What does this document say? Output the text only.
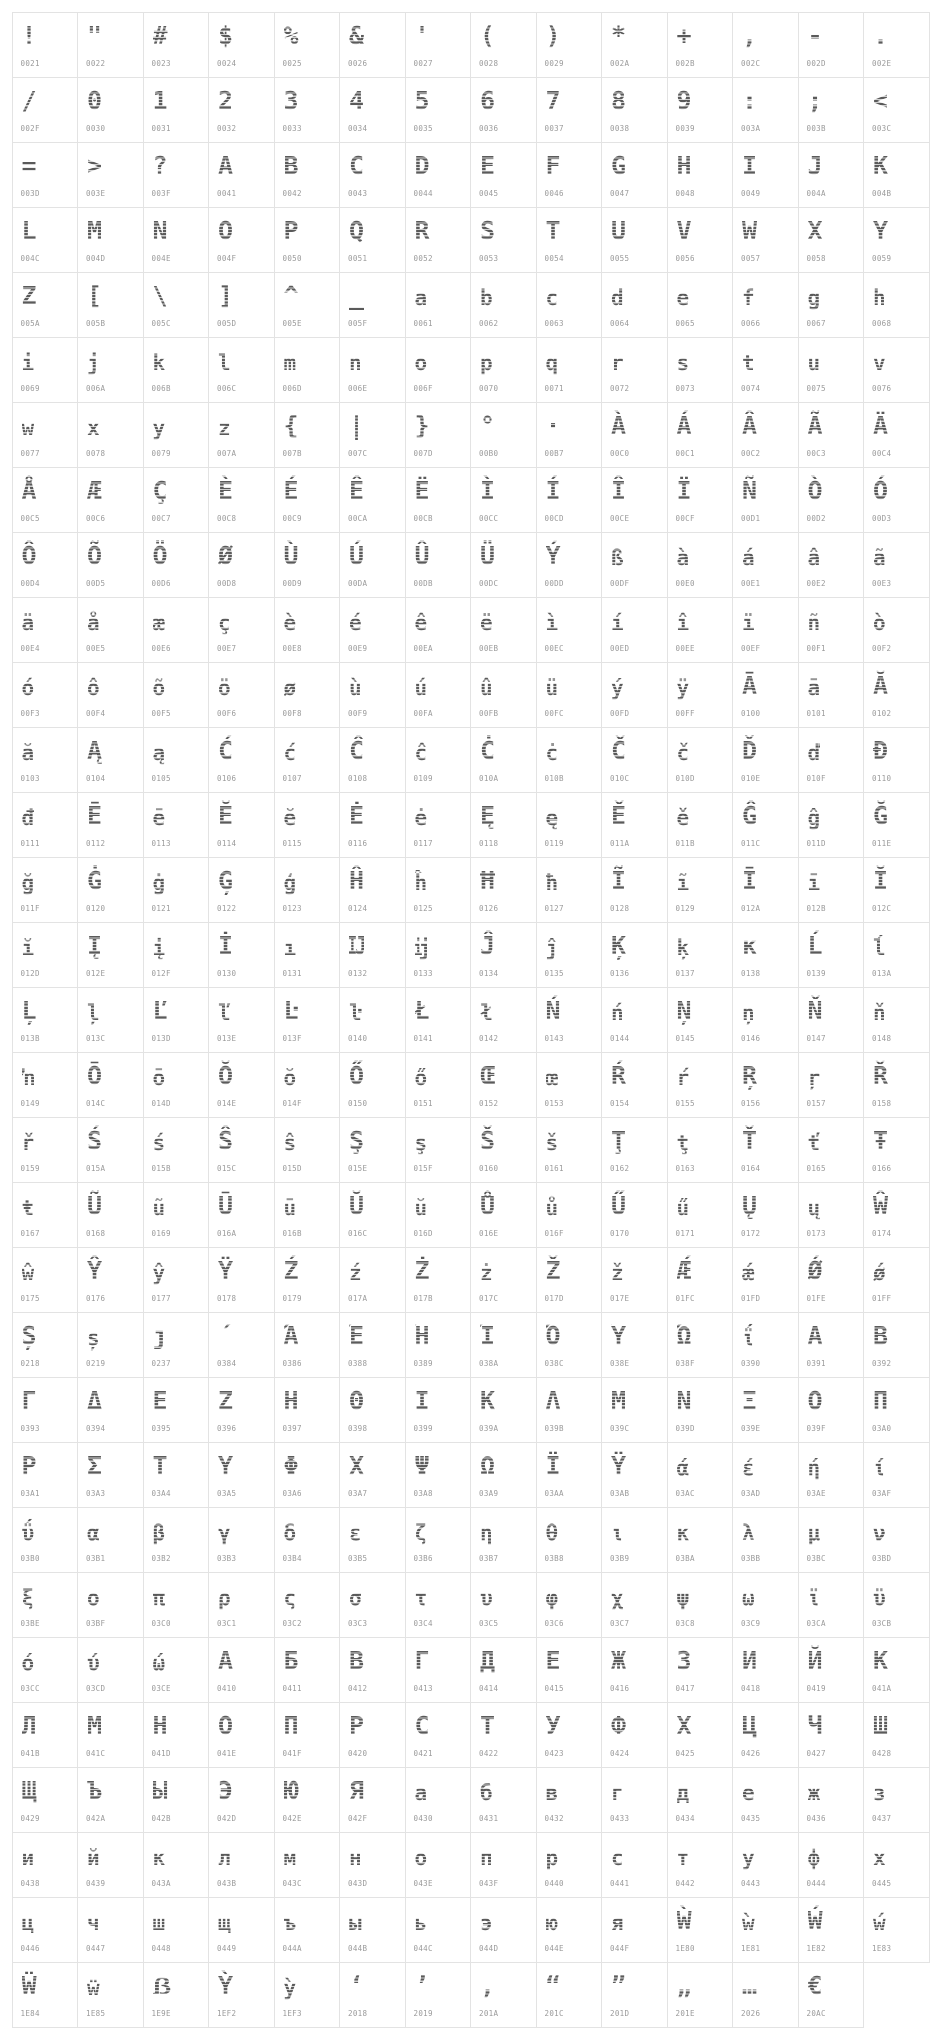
!
0021
"
0022
#
0023
$
0024
%
0025
&
0026
'
0027
(
0028
)
0029
*
002A
+
002B
,
002C
-
002D
.
002E
/
002F
0
0030
1
0031
2
0032
3
0033
4
0034
5
0035
6
0036
7
0037
8
0038
9
0039
:
003A
;
003B
<
003C
=
003D
>
003E
?
003F
A
0041
B
0042
C
0043
D
0044
E
0045
F
0046
G
0047
H
0048
I
0049
J
004A
K
004B
L
004C
M
004D
N
004E
O
004F
P
0050
Q
0051
R
0052
S
0053
T
0054
U
0055
V
0056
W
0057
X
0058
Y
0059
Z
005A
[
005B
\
005C
]
005D
^
005E
_
005F
a
0061
b
0062
c
0063
d
0064
e
0065
f
0066
g
0067
h
0068
i
0069
j
006A
k
006B
l
006C
m
006D
n
006E
o
006F
p
0070
q
0071
r
0072
s
0073
t
0074
u
0075
v
0076
w
0077
x
0078
y
0079
z
007A
{
007B
|
007C
}
007D
°
00B0
·
00B7
À
00C0
Á
00C1
Â
00C2
Ã
00C3
Ä
00C4
Å
00C5
Æ
00C6
Ç
00C7
È
00C8
É
00C9
Ê
00CA
Ë
00CB
Ì
00CC
Í
00CD
Î
00CE
Ï
00CF
Ñ
00D1
Ò
00D2
Ó
00D3
Ô
00D4
Õ
00D5
Ö
00D6
Ø
00D8
Ù
00D9
Ú
00DA
Û
00DB
Ü
00DC
Ý
00DD
ß
00DF
à
00E0
á
00E1
â
00E2
ã
00E3
ä
00E4
å
00E5
æ
00E6
ç
00E7
è
00E8
é
00E9
ê
00EA
ë
00EB
ì
00EC
í
00ED
î
00EE
ï
00EF
ñ
00F1
ò
00F2
ó
00F3
ô
00F4
õ
00F5
ö
00F6
ø
00F8
ù
00F9
ú
00FA
û
00FB
ü
00FC
ý
00FD
ÿ
00FF
Ā
0100
ā
0101
Ă
0102
ă
0103
Ą
0104
ą
0105
Ć
0106
ć
0107
Ĉ
0108
ĉ
0109
Ċ
010A
ċ
010B
Č
010C
č
010D
Ď
010E
ď
010F
Đ
0110
đ
0111
Ē
0112
ē
0113
Ĕ
0114
ĕ
0115
Ė
0116
ė
0117
Ę
0118
ę
0119
Ě
011A
ě
011B
Ĝ
011C
ĝ
011D
Ğ
011E
ğ
011F
Ġ
0120
ġ
0121
Ģ
0122
ģ
0123
Ĥ
0124
ĥ
0125
Ħ
0126
ħ
0127
Ĩ
0128
ĩ
0129
Ī
012A
ī
012B
Ĭ
012C
ĭ
012D
Į
012E
į
012F
İ
0130
ı
0131
Ĳ
0132
ĳ
0133
Ĵ
0134
ĵ
0135
Ķ
0136
ķ
0137
ĸ
0138
Ĺ
0139
ĺ
013A
Ļ
013B
ļ
013C
Ľ
013D
ľ
013E
Ŀ
013F
ŀ
0140
Ł
0141
ł
0142
Ń
0143
ń
0144
Ņ
0145
ņ
0146
Ň
0147
ň
0148
ŉ
0149
Ō
014C
ō
014D
Ŏ
014E
ŏ
014F
Ő
0150
ő
0151
Œ
0152
œ
0153
Ŕ
0154
ŕ
0155
Ŗ
0156
ŗ
0157
Ř
0158
ř
0159
Ś
015A
ś
015B
Ŝ
015C
ŝ
015D
Ş
015E
ş
015F
Š
0160
š
0161
Ţ
0162
ţ
0163
Ť
0164
ť
0165
Ŧ
0166
ŧ
0167
Ũ
0168
ũ
0169
Ū
016A
ū
016B
Ŭ
016C
ŭ
016D
Ů
016E
ů
016F
Ű
0170
ű
0171
Ų
0172
ų
0173
Ŵ
0174
ŵ
0175
Ŷ
0176
ŷ
0177
Ÿ
0178
Ź
0179
ź
017A
Ż
017B
ż
017C
Ž
017D
ž
017E
Ǽ
01FC
ǽ
01FD
Ǿ
01FE
ǿ
01FF
Ș
0218
ș
0219
ȷ
0237
΄
0384
Ά
0386
Έ
0388
Ή
0389
Ί
038A
Ό
038C
Ύ
038E
Ώ
038F
ΐ
0390
Α
0391
Β
0392
Γ
0393
Δ
0394
Ε
0395
Ζ
0396
Η
0397
Θ
0398
Ι
0399
Κ
039A
Λ
039B
Μ
039C
Ν
039D
Ξ
039E
Ο
039F
Π
03A0
Ρ
03A1
Σ
03A3
Τ
03A4
Υ
03A5
Φ
03A6
Χ
03A7
Ψ
03A8
Ω
03A9
Ϊ
03AA
Ϋ
03AB
ά
03AC
έ
03AD
ή
03AE
ί
03AF
ΰ
03B0
α
03B1
β
03B2
γ
03B3
δ
03B4
ε
03B5
ζ
03B6
η
03B7
θ
03B8
ι
03B9
κ
03BA
λ
03BB
μ
03BC
ν
03BD
ξ
03BE
ο
03BF
π
03C0
ρ
03C1
ς
03C2
σ
03C3
τ
03C4
υ
03C5
φ
03C6
χ
03C7
ψ
03C8
ω
03C9
ϊ
03CA
ϋ
03CB
ό
03CC
ύ
03CD
ώ
03CE
А
0410
Б
0411
В
0412
Г
0413
Д
0414
Е
0415
Ж
0416
З
0417
И
0418
Й
0419
К
041A
Л
041B
М
041C
Н
041D
О
041E
П
041F
Р
0420
С
0421
Т
0422
У
0423
Ф
0424
Х
0425
Ц
0426
Ч
0427
Ш
0428
Щ
0429
Ъ
042A
Ы
042B
Э
042D
Ю
042E
Я
042F
а
0430
б
0431
в
0432
г
0433
д
0434
е
0435
ж
0436
з
0437
и
0438
й
0439
к
043A
л
043B
м
043C
н
043D
о
043E
п
043F
р
0440
с
0441
т
0442
у
0443
ф
0444
х
0445
ц
0446
ч
0447
ш
0448
щ
0449
ъ
044A
ы
044B
ь
044C
э
044D
ю
044E
я
044F
Ẁ
1E80
ẁ
1E81
Ẃ
1E82
ẃ
1E83
Ẅ
1E84
ẅ
1E85
ẞ
1E9E
Ỳ
1EF2
ỳ
1EF3
‘
2018
’
2019
‚
201A
“
201C
”
201D
„
201E
…
2026
€
20AC
